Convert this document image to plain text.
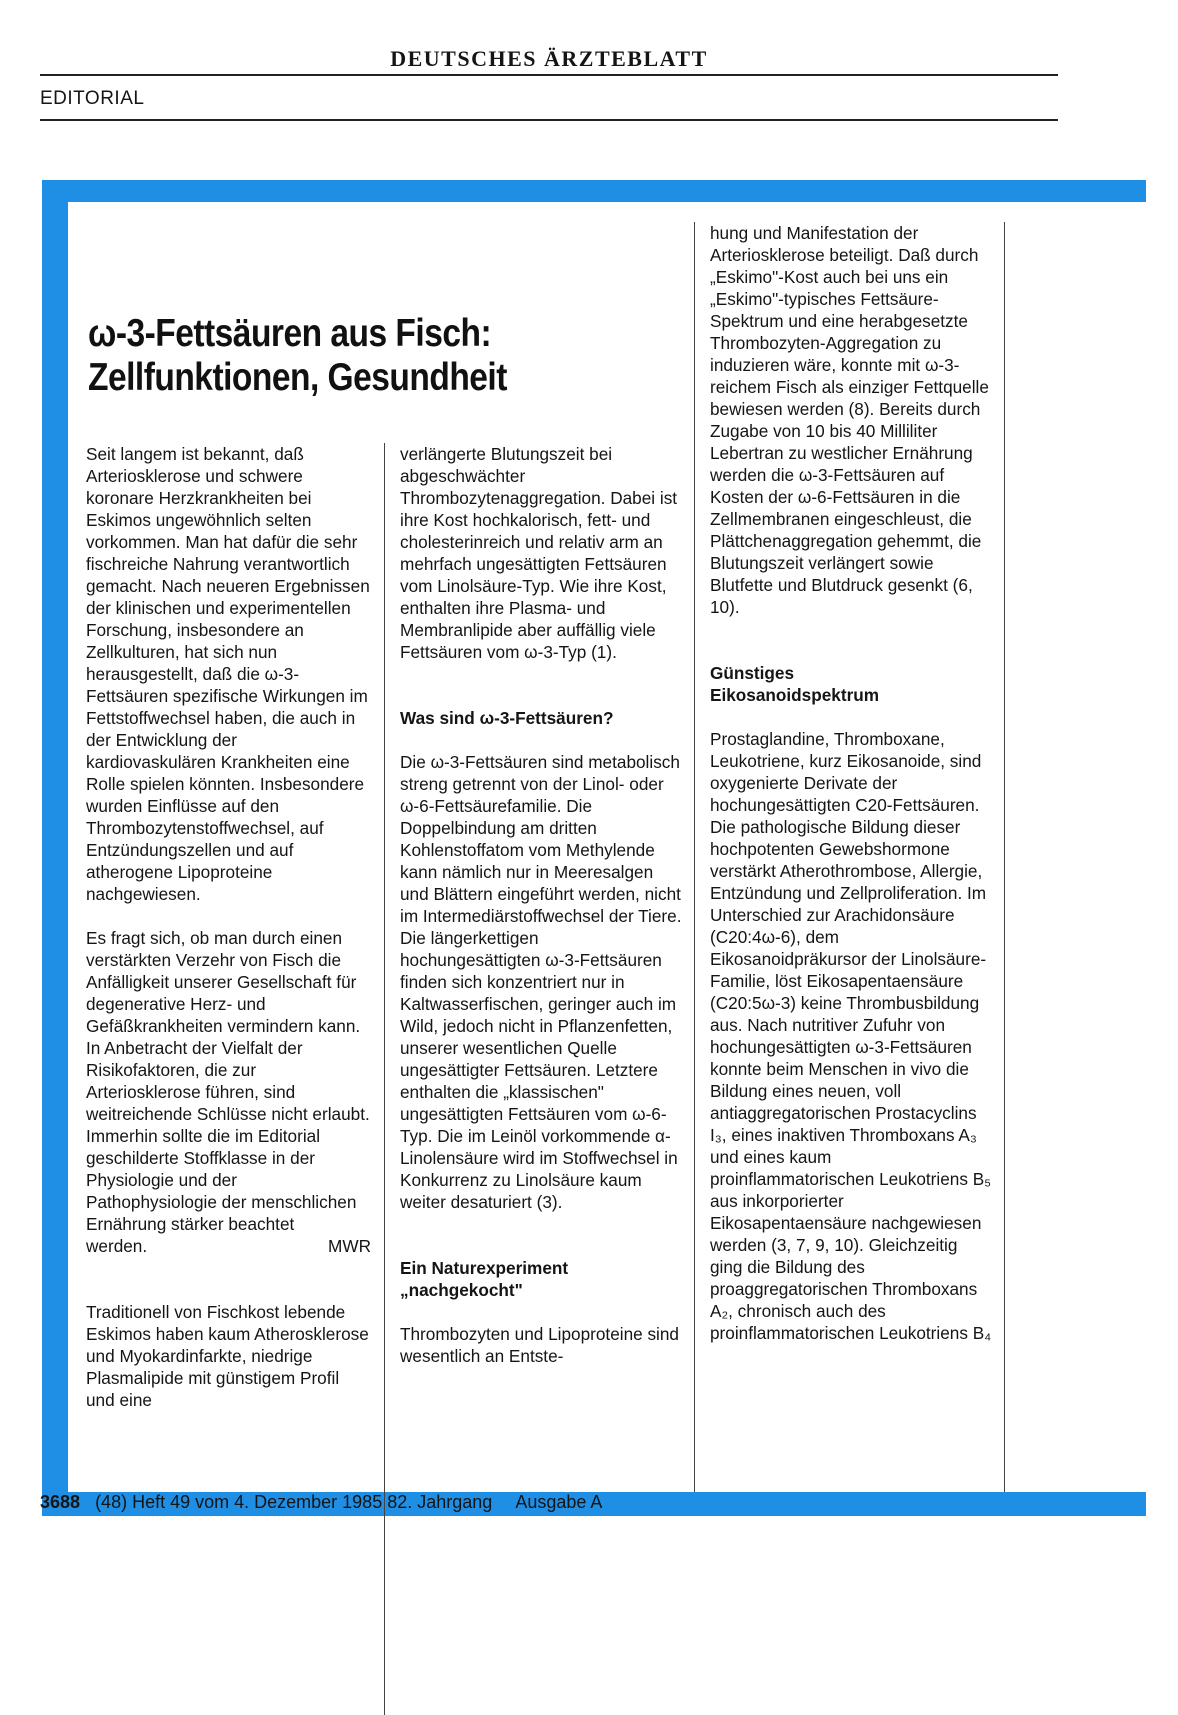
DEUTSCHES ÄRZTEBLATT
EDITORIAL
ω-3-Fettsäuren aus Fisch:
Zellfunktionen, Gesundheit

Seit langem ist bekannt, daß Arteriosklerose und schwere koronare Herzkrankheiten bei Eskimos ungewöhnlich selten vorkommen. Man hat dafür die sehr fischreiche Nahrung verantwortlich gemacht. Nach neueren Ergebnissen der klinischen und experimentellen Forschung, insbesondere an Zellkulturen, hat sich nun herausgestellt, daß die ω-3-Fettsäuren spezifische Wirkungen im Fettstoffwechsel haben, die auch in der Entwicklung der kardiovaskulären Krankheiten eine Rolle spielen könnten. Insbesondere wurden Einflüsse auf den Thrombozytenstoffwechsel, auf Entzündungszellen und auf atherogene Lipoproteine nachgewiesen.

Es fragt sich, ob man durch einen verstärkten Verzehr von Fisch die Anfälligkeit unserer Gesellschaft für degenerative Herz- und Gefäßkrankheiten vermindern kann. In Anbetracht der Vielfalt der Risikofaktoren, die zur Arteriosklerose führen, sind weitreichende Schlüsse nicht erlaubt. Immerhin sollte die im Editorial geschilderte Stoffklasse in der Physiologie und der Pathophysiologie der menschlichen Ernährung stärker beachtet

werden.	MWR

Traditionell von Fischkost lebende Eskimos haben kaum Atherosklerose und Myokardinfarkte, niedrige Plasmalipide mit günstigem Profil und eine

verlängerte Blutungszeit bei abgeschwächter Thrombozytenaggregation. Dabei ist ihre Kost hochkalorisch, fett- und cholesterinreich und relativ arm an mehrfach ungesättigten Fettsäuren vom Linolsäure-Typ. Wie ihre Kost, enthalten ihre Plasma- und Membranlipide aber auffällig viele Fettsäuren vom ω-3-Typ (1).

Was sind ω-3-Fettsäuren?

Die ω-3-Fettsäuren sind metabolisch streng getrennt von der Linol- oder ω-6-Fettsäurefamilie. Die Doppelbindung am dritten Kohlenstoffatom vom Methylende kann nämlich nur in Meeresalgen und Blättern eingeführt werden, nicht im Intermediärstoffwechsel der Tiere. Die längerkettigen hochungesättigten ω-3-Fettsäuren finden sich konzentriert nur in Kaltwasserfischen, geringer auch im Wild, jedoch nicht in Pflanzenfetten, unserer wesentlichen Quelle ungesättigter Fettsäuren. Letztere enthalten die „klassischen" ungesättigten Fettsäuren vom ω-6-Typ. Die im Leinöl vorkommende α-Linolensäure wird im Stoffwechsel in Konkurrenz zu Linolsäure kaum weiter desaturiert (3).

Ein Naturexperiment
„nachgekocht"

Thrombozyten und Lipoproteine sind wesentlich an Entste-

hung und Manifestation der Arteriosklerose beteiligt. Daß durch „Eskimo"-Kost auch bei uns ein „Eskimo"-typisches Fettsäure-Spektrum und eine herabgesetzte Thrombozyten-Aggregation zu induzieren wäre, konnte mit ω-3-reichem Fisch als einziger Fettquelle bewiesen werden (8). Bereits durch Zugabe von 10 bis 40 Milliliter Lebertran zu westlicher Ernährung werden die ω-3-Fettsäuren auf Kosten der ω-6-Fettsäuren in die Zellmembranen eingeschleust, die Plättchenaggregation gehemmt, die Blutungszeit verlängert sowie Blutfette und Blutdruck gesenkt (6, 10).

Günstiges
Eikosanoidspektrum

Prostaglandine, Thromboxane, Leukotriene, kurz Eikosanoide, sind oxygenierte Derivate der hochungesättigten C20-Fettsäuren. Die pathologische Bildung dieser hochpotenten Gewebshormone verstärkt Atherothrombose, Allergie, Entzündung und Zellproliferation. Im Unterschied zur Arachidonsäure (C20:4ω-6), dem Eikosanoidpräkursor der Linolsäure-Familie, löst Eikosapentaensäure (C20:5ω-3) keine Thrombusbildung aus. Nach nutritiver Zufuhr von hochungesättigten ω-3-Fettsäuren konnte beim Menschen in vivo die Bildung eines neuen, voll antiaggregatorischen Prostacyclins I₃, eines inaktiven Thromboxans A₃ und eines kaum proinflammatorischen Leukotriens B₅ aus inkorporierter Eikosapentaensäure nachgewiesen werden (3, 7, 9, 10). Gleichzeitig ging die Bildung des proaggregatorischen Thromboxans A₂, chronisch auch des proinflammatorischen Leukotriens B₄

3688 (48) Heft 49 vom 4. Dezember 1985 82. Jahrgang Ausgabe A
